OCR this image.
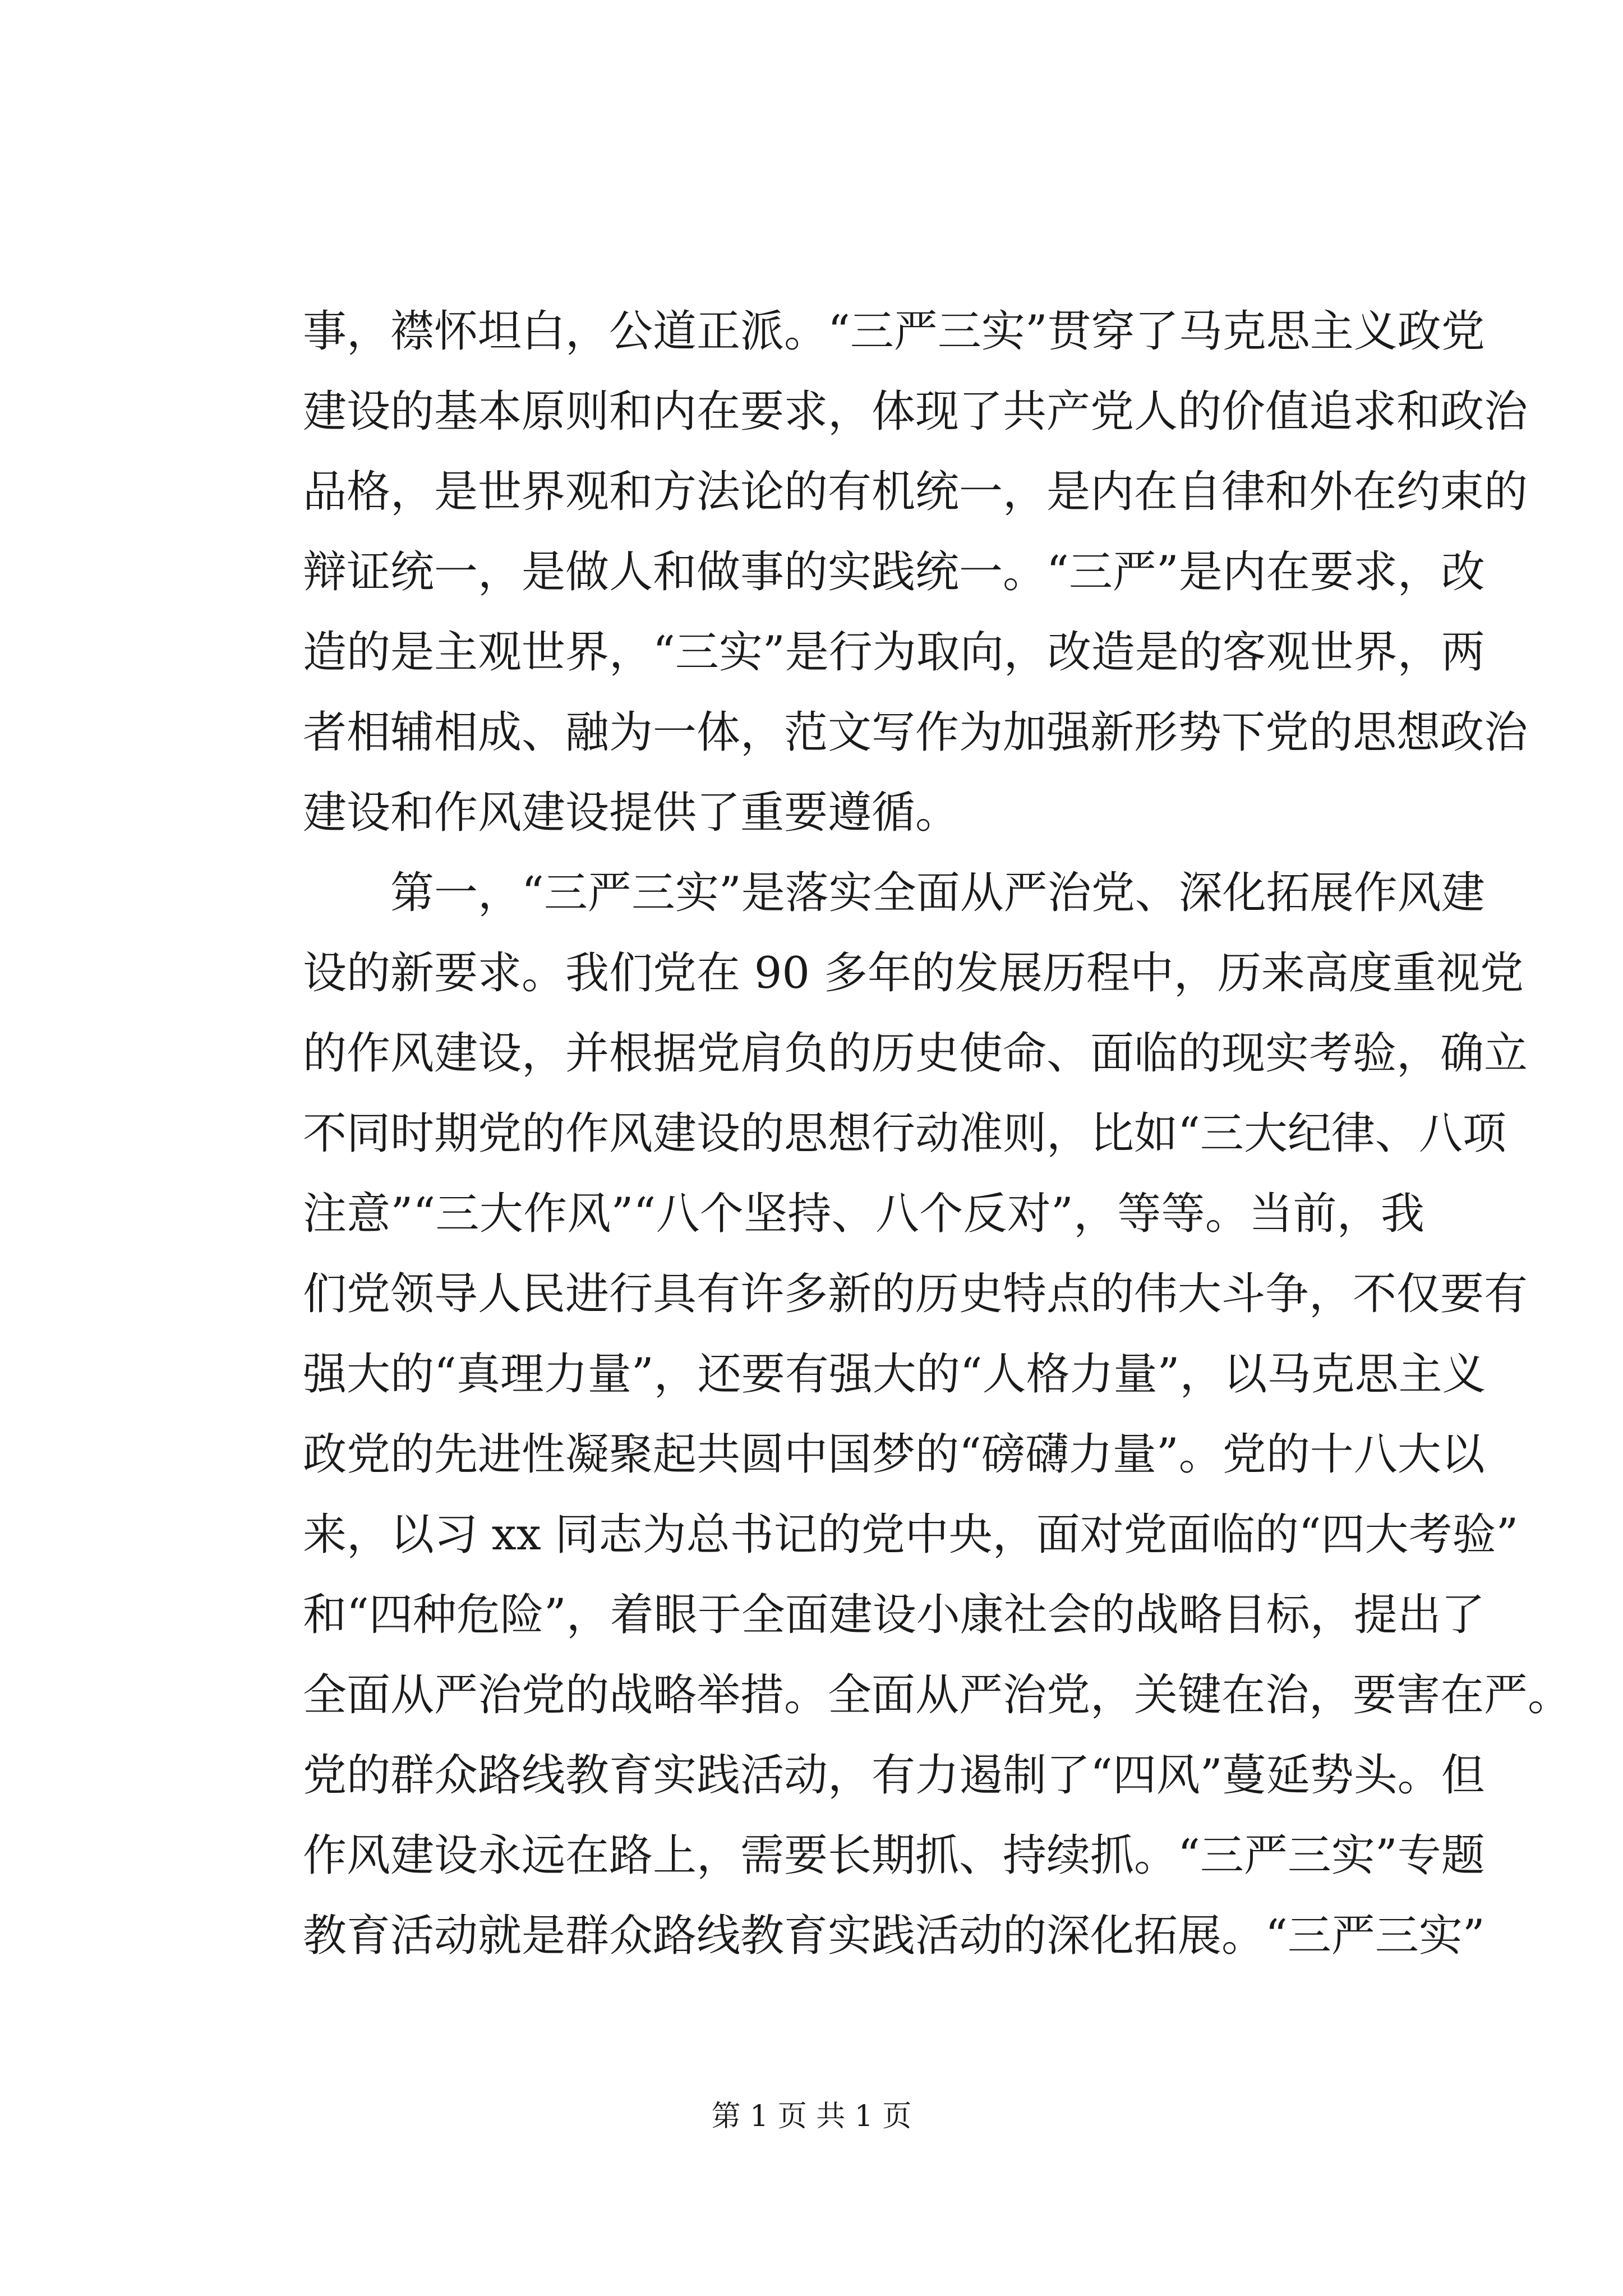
事，襟怀坦白，公道正派。“三严三实”贯穿了马克思主义政党
建设的基本原则和内在要求，体现了共产党人的价值追求和政治
品格，是世界观和方法论的有机统一，是内在自律和外在约束的
辩证统一，是做人和做事的实践统一。“三严”是内在要求，改
造的是主观世界，“三实”是行为取向，改造是的客观世界，两
者相辅相成、融为一体，范文写作为加强新形势下党的思想政治
建设和作风建设提供了重要遵循。
第一，“三严三实”是落实全面从严治党、深化拓展作风建
设的新要求。我们党在 90 多年的发展历程中，历来高度重视党
的作风建设，并根据党肩负的历史使命、面临的现实考验，确立
不同时期党的作风建设的思想行动准则，比如“三大纪律、八项
注意”“三大作风”“八个坚持、八个反对”，等等。当前，我
们党领导人民进行具有许多新的历史特点的伟大斗争，不仅要有
强大的“真理力量”，还要有强大的“人格力量”，以马克思主义
政党的先进性凝聚起共圆中国梦的“磅礴力量”。党的十八大以
来，以习 xx 同志为总书记的党中央，面对党面临的“四大考验”
和“四种危险”，着眼于全面建设小康社会的战略目标，提出了
全面从严治党的战略举措。全面从严治党，关键在治，要害在严。
党的群众路线教育实践活动，有力遏制了“四风”蔓延势头。但
作风建设永远在路上，需要长期抓、持续抓。“三严三实”专题
教育活动就是群众路线教育实践活动的深化拓展。“三严三实”
第 1 页 共 1 页
